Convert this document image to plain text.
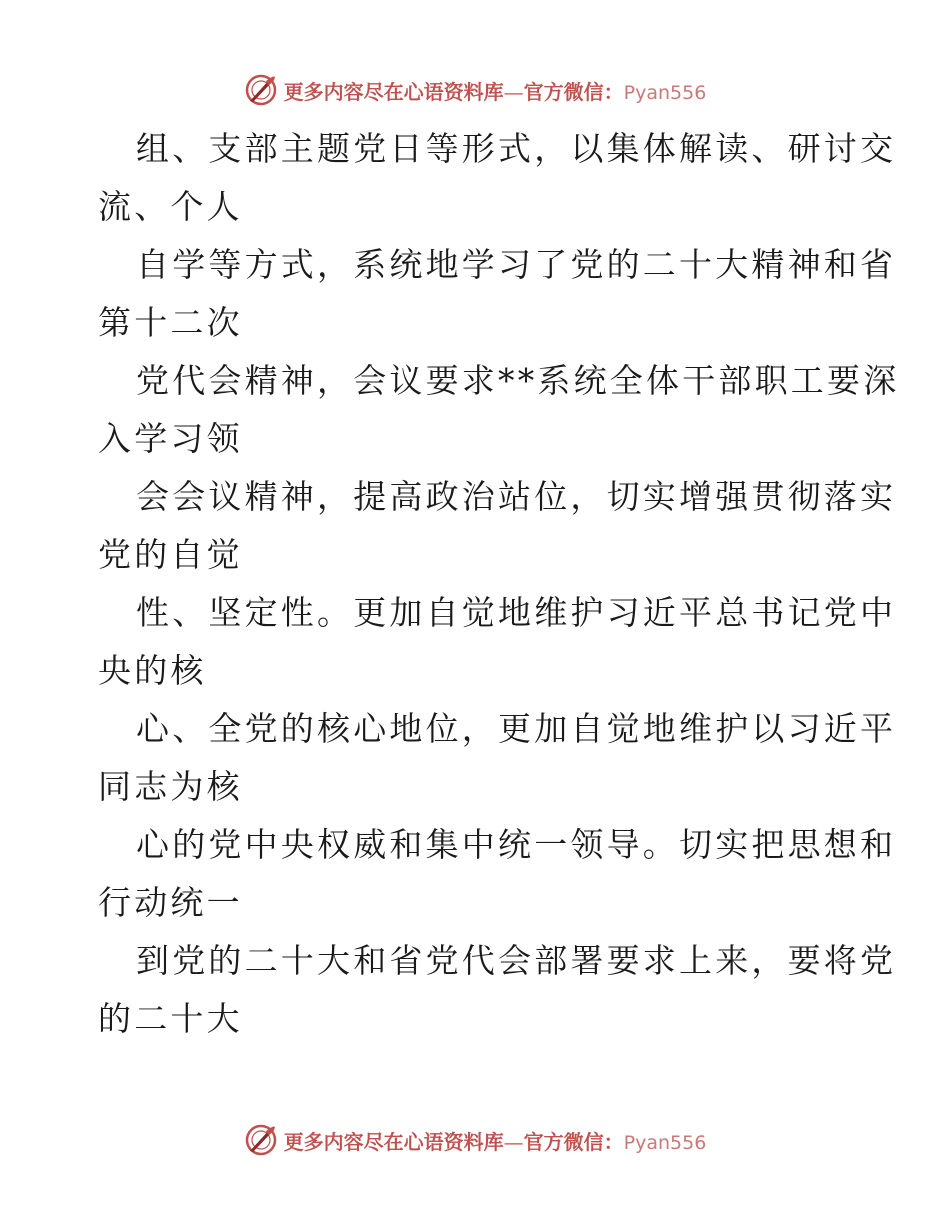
更多内容尽在心语资料库—官方微信：Pyan556
组、支部主题党日等形式，以集体解读、研讨交
流、个人
自学等方式，系统地学习了党的二十大精神和省
第十二次
党代会精神，会议要求**系统全体干部职工要深
入学习领
会会议精神，提高政治站位，切实增强贯彻落实
党的自觉
性、坚定性。更加自觉地维护习近平总书记党中
央的核
心、全党的核心地位，更加自觉地维护以习近平
同志为核
心的党中央权威和集中统一领导。切实把思想和
行动统一
到党的二十大和省党代会部署要求上来，要将党
的二十大
更多内容尽在心语资料库—官方微信：Pyan556
